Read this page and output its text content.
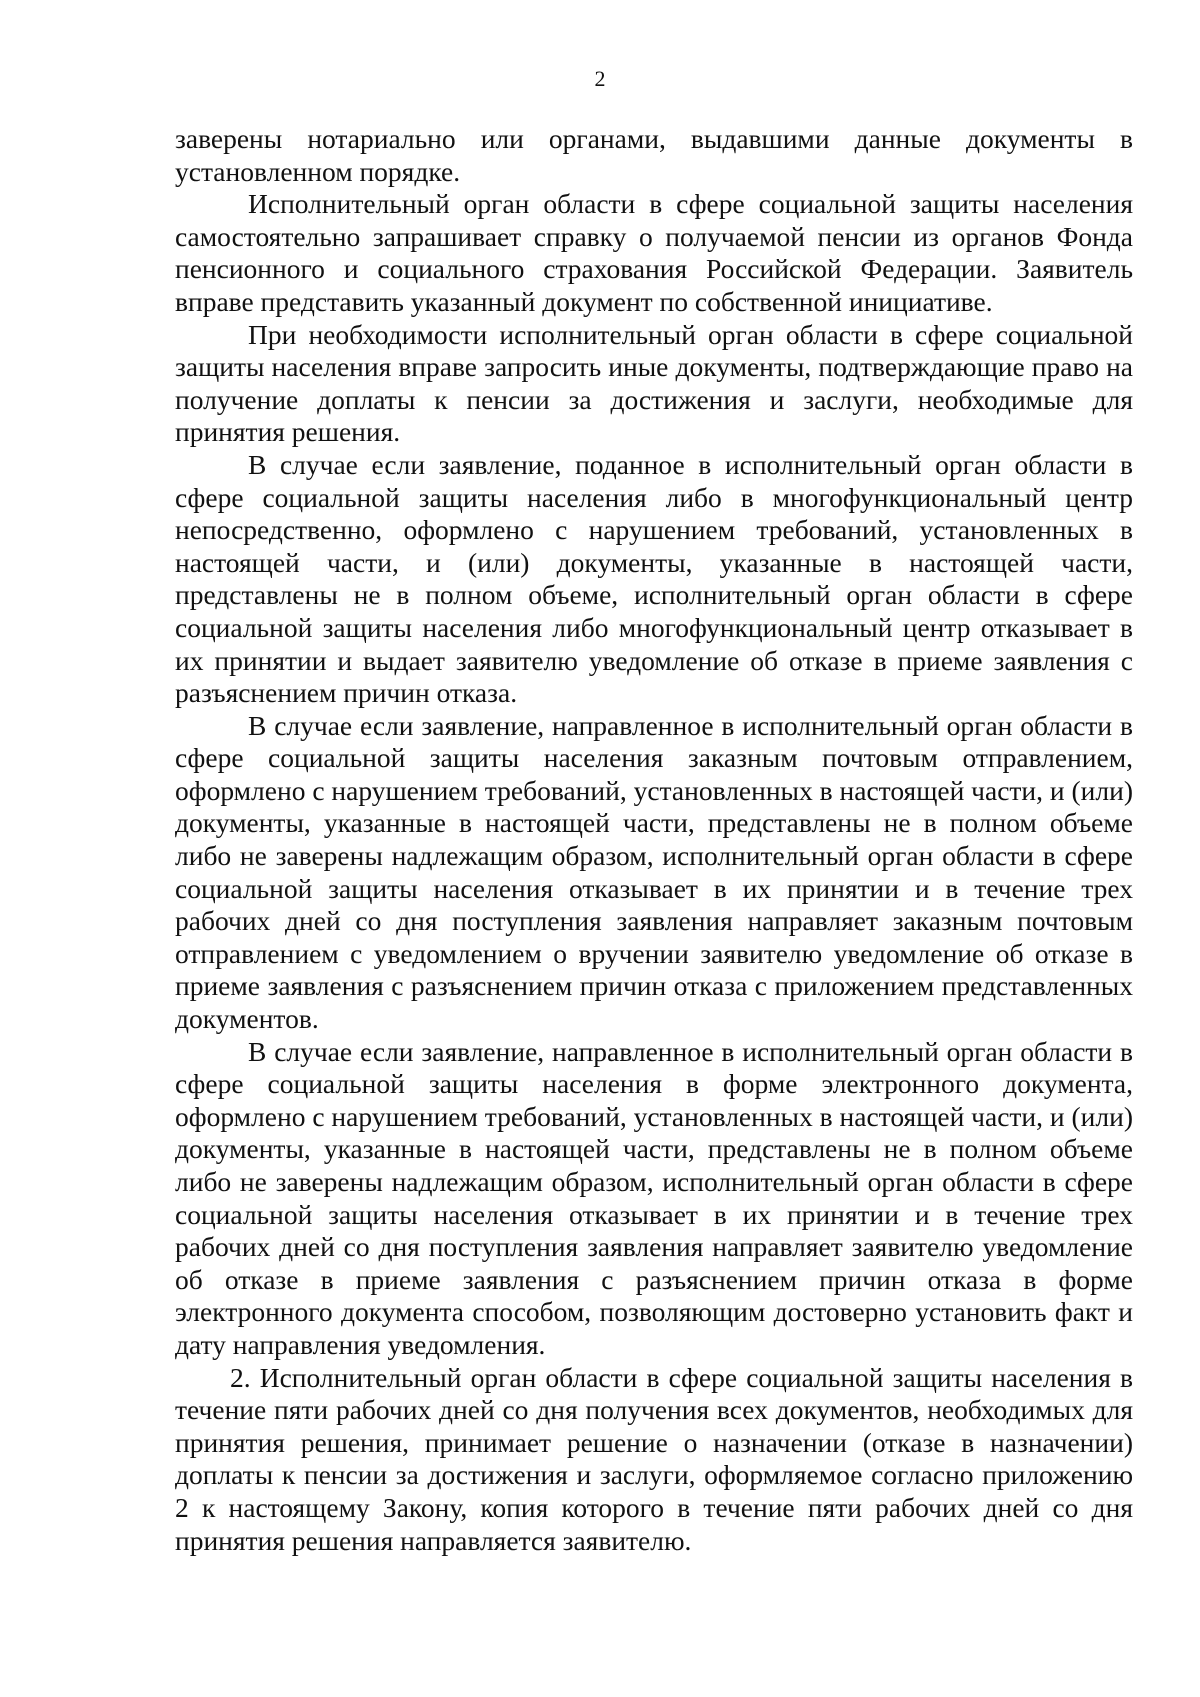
2

заверены нотариально или органами, выдавшими данные документы в установленном порядке.

Исполнительный орган области в сфере социальной защиты населения самостоятельно запрашивает справку о получаемой пенсии из органов Фонда пенсионного и социального страхования Российской Федерации. Заявитель вправе представить указанный документ по собственной инициативе.

При необходимости исполнительный орган области в сфере социальной защиты населения вправе запросить иные документы, подтверждающие право на получение доплаты к пенсии за достижения и заслуги, необходимые для принятия решения.

В случае если заявление, поданное в исполнительный орган области в сфере социальной защиты населения либо в многофункциональный центр непосредственно, оформлено с нарушением требований, установленных в настоящей части, и (или) документы, указанные в настоящей части, представлены не в полном объеме, исполнительный орган области в сфере социальной защиты населения либо многофункциональный центр отказывает в их принятии и выдает заявителю уведомление об отказе в приеме заявления с разъяснением причин отказа.

В случае если заявление, направленное в исполнительный орган области в сфере социальной защиты населения заказным почтовым отправлением, оформлено с нарушением требований, установленных в настоящей части, и (или) документы, указанные в настоящей части, представлены не в полном объеме либо не заверены надлежащим образом, исполнительный орган области в сфере социальной защиты населения отказывает в их принятии и в течение трех рабочих дней со дня поступления заявления направляет заказным почтовым отправлением с уведомлением о вручении заявителю уведомление об отказе в приеме заявления с разъяснением причин отказа с приложением представленных документов.

В случае если заявление, направленное в исполнительный орган области в сфере социальной защиты населения в форме электронного документа, оформлено с нарушением требований, установленных в настоящей части, и (или) документы, указанные в настоящей части, представлены не в полном объеме либо не заверены надлежащим образом, исполнительный орган области в сфере социальной защиты населения отказывает в их принятии и в течение трех рабочих дней со дня поступления заявления направляет заявителю уведомление об отказе в приеме заявления с разъяснением причин отказа в форме электронного документа способом, позволяющим достоверно установить факт и дату направления уведомления.

2. Исполнительный орган области в сфере социальной защиты населения в течение пяти рабочих дней со дня получения всех документов, необходимых для принятия решения, принимает решение о назначении (отказе в назначении) доплаты к пенсии за достижения и заслуги, оформляемое согласно приложению 2 к настоящему Закону, копия которого в течение пяти рабочих дней со дня принятия решения направляется заявителю.
